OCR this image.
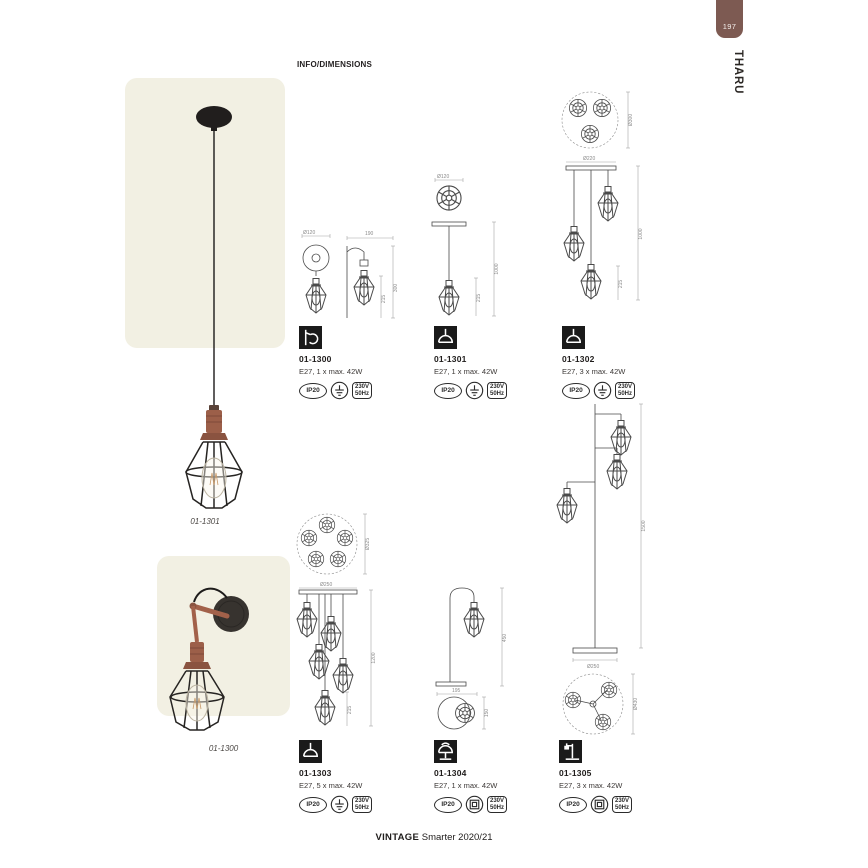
197
THARU
INFO/DIMENSIONS
01-1301
01-1300
Ø120	190
300
215
Ø120
1000
215
Ø300
Ø220
1000
215
Ø325
Ø250
1200
215
450
195
150
1500
Ø250
Ø430
01-1300
E27, 1 x max. 42W
IP20	230V
50Hz
01-1301
E27, 1 x max. 42W
IP20	230V
50Hz
01-1302
E27, 3 x max. 42W
IP20	230V
50Hz
01-1303
E27, 5 x max. 42W
IP20	230V
50Hz
01-1304
E27, 1 x max. 42W
IP20	230V
50Hz
01-1305
E27, 3 x max. 42W
IP20	230V
50Hz
VINTAGE Smarter 2020/21
